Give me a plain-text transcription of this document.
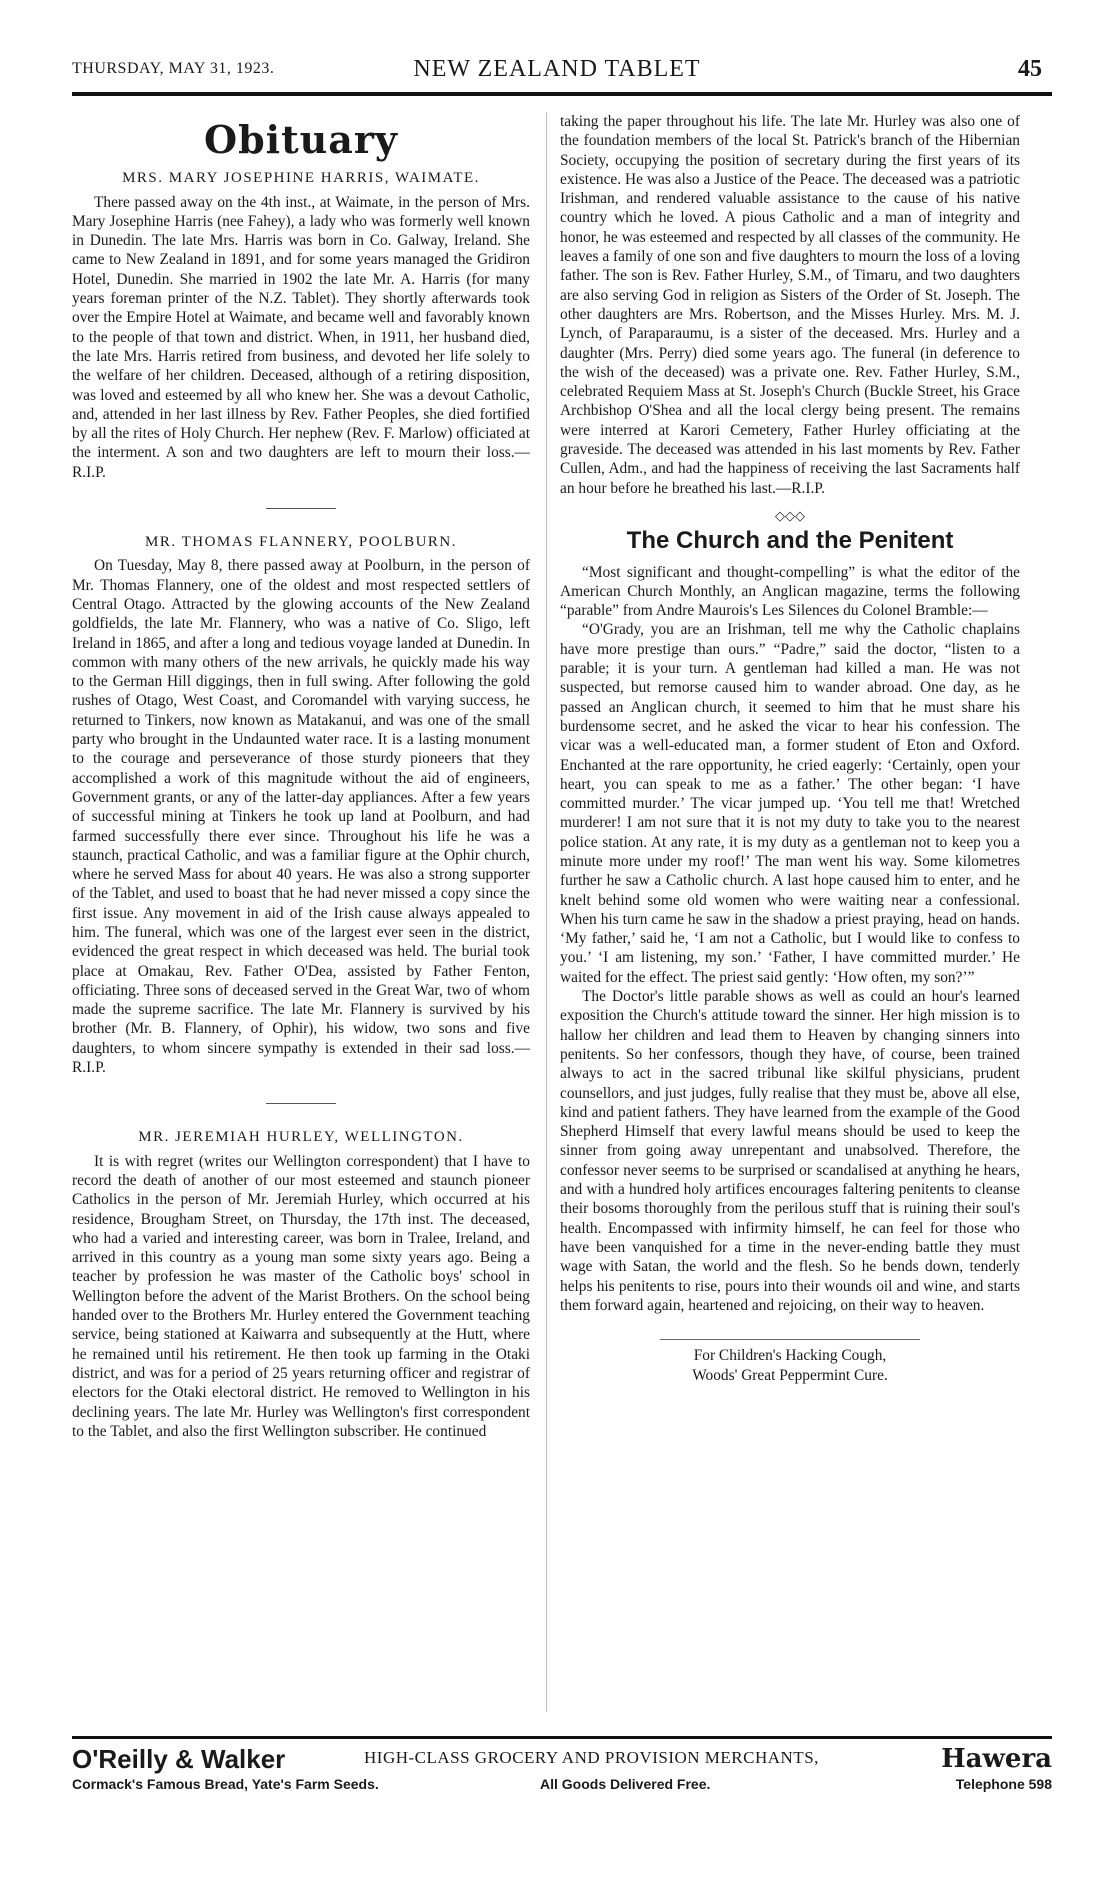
THURSDAY, MAY 31, 1923.	NEW ZEALAND TABLET	45
Obituary
MRS. MARY JOSEPHINE HARRIS, WAIMATE.

There passed away on the 4th inst., at Waimate, in the person of Mrs. Mary Josephine Harris (nee Fahey), a lady who was formerly well known in Dunedin. The late Mrs. Harris was born in Co. Galway, Ireland. She came to New Zealand in 1891, and for some years managed the Gridiron Hotel, Dunedin. She married in 1902 the late Mr. A. Harris (for many years foreman printer of the N.Z. Tablet). They shortly afterwards took over the Empire Hotel at Waimate, and became well and favorably known to the people of that town and district. When, in 1911, her husband died, the late Mrs. Harris retired from business, and devoted her life solely to the welfare of her children. Deceased, although of a retiring disposition, was loved and esteemed by all who knew her. She was a devout Catholic, and, attended in her last illness by Rev. Father Peoples, she died fortified by all the rites of Holy Church. Her nephew (Rev. F. Marlow) officiated at the interment. A son and two daughters are left to mourn their loss.—R.I.P.

MR. THOMAS FLANNERY, POOLBURN.

On Tuesday, May 8, there passed away at Poolburn, in the person of Mr. Thomas Flannery, one of the oldest and most respected settlers of Central Otago. Attracted by the glowing accounts of the New Zealand goldfields, the late Mr. Flannery, who was a native of Co. Sligo, left Ireland in 1865, and after a long and tedious voyage landed at Dunedin. In common with many others of the new arrivals, he quickly made his way to the German Hill diggings, then in full swing. After following the gold rushes of Otago, West Coast, and Coromandel with varying success, he returned to Tinkers, now known as Matakanui, and was one of the small party who brought in the Undaunted water race. It is a lasting monument to the courage and perseverance of those sturdy pioneers that they accomplished a work of this magnitude without the aid of engineers, Government grants, or any of the latter-day appliances. After a few years of successful mining at Tinkers he took up land at Poolburn, and had farmed successfully there ever since. Throughout his life he was a staunch, practical Catholic, and was a familiar figure at the Ophir church, where he served Mass for about 40 years. He was also a strong supporter of the Tablet, and used to boast that he had never missed a copy since the first issue. Any movement in aid of the Irish cause always appealed to him. The funeral, which was one of the largest ever seen in the district, evidenced the great respect in which deceased was held. The burial took place at Omakau, Rev. Father O'Dea, assisted by Father Fenton, officiating. Three sons of deceased served in the Great War, two of whom made the supreme sacrifice. The late Mr. Flannery is survived by his brother (Mr. B. Flannery, of Ophir), his widow, two sons and five daughters, to whom sincere sympathy is extended in their sad loss.—R.I.P.

MR. JEREMIAH HURLEY, WELLINGTON.

It is with regret (writes our Wellington correspondent) that I have to record the death of another of our most esteemed and staunch pioneer Catholics in the person of Mr. Jeremiah Hurley, which occurred at his residence, Brougham Street, on Thursday, the 17th inst. The deceased, who had a varied and interesting career, was born in Tralee, Ireland, and arrived in this country as a young man some sixty years ago. Being a teacher by profession he was master of the Catholic boys' school in Wellington before the advent of the Marist Brothers. On the school being handed over to the Brothers Mr. Hurley entered the Government teaching service, being stationed at Kaiwarra and subsequently at the Hutt, where he remained until his retirement. He then took up farming in the Otaki district, and was for a period of 25 years returning officer and registrar of electors for the Otaki electoral district. He removed to Wellington in his declining years. The late Mr. Hurley was Wellington's first correspondent to the Tablet, and also the first Wellington subscriber. He continued

taking the paper throughout his life. The late Mr. Hurley was also one of the foundation members of the local St. Patrick's branch of the Hibernian Society, occupying the position of secretary during the first years of its existence. He was also a Justice of the Peace. The deceased was a patriotic Irishman, and rendered valuable assistance to the cause of his native country which he loved. A pious Catholic and a man of integrity and honor, he was esteemed and respected by all classes of the community. He leaves a family of one son and five daughters to mourn the loss of a loving father. The son is Rev. Father Hurley, S.M., of Timaru, and two daughters are also serving God in religion as Sisters of the Order of St. Joseph. The other daughters are Mrs. Robertson, and the Misses Hurley. Mrs. M. J. Lynch, of Paraparaumu, is a sister of the deceased. Mrs. Hurley and a daughter (Mrs. Perry) died some years ago. The funeral (in deference to the wish of the deceased) was a private one. Rev. Father Hurley, S.M., celebrated Requiem Mass at St. Joseph's Church (Buckle Street, his Grace Archbishop O'Shea and all the local clergy being present. The remains were interred at Karori Cemetery, Father Hurley officiating at the graveside. The deceased was attended in his last moments by Rev. Father Cullen, Adm., and had the happiness of receiving the last Sacraments half an hour before he breathed his last.—R.I.P.

◇◇◇
The Church and the Penitent

“Most significant and thought-compelling” is what the editor of the American Church Monthly, an Anglican magazine, terms the following “parable” from Andre Maurois's Les Silences du Colonel Bramble:—

“O'Grady, you are an Irishman, tell me why the Catholic chaplains have more prestige than ours.” “Padre,” said the doctor, “listen to a parable; it is your turn. A gentleman had killed a man. He was not suspected, but remorse caused him to wander abroad. One day, as he passed an Anglican church, it seemed to him that he must share his burdensome secret, and he asked the vicar to hear his confession. The vicar was a well-educated man, a former student of Eton and Oxford. Enchanted at the rare opportunity, he cried eagerly: ‘Certainly, open your heart, you can speak to me as a father.’ The other began: ‘I have committed murder.’ The vicar jumped up. ‘You tell me that! Wretched murderer! I am not sure that it is not my duty to take you to the nearest police station. At any rate, it is my duty as a gentleman not to keep you a minute more under my roof!’ The man went his way. Some kilometres further he saw a Catholic church. A last hope caused him to enter, and he knelt behind some old women who were waiting near a confessional. When his turn came he saw in the shadow a priest praying, head on hands. ‘My father,’ said he, ‘I am not a Catholic, but I would like to confess to you.’ ‘I am listening, my son.’ ‘Father, I have committed murder.’ He waited for the effect. The priest said gently: ‘How often, my son?’”

The Doctor's little parable shows as well as could an hour's learned exposition the Church's attitude toward the sinner. Her high mission is to hallow her children and lead them to Heaven by changing sinners into penitents. So her confessors, though they have, of course, been trained always to act in the sacred tribunal like skilful physicians, prudent counsellors, and just judges, fully realise that they must be, above all else, kind and patient fathers. They have learned from the example of the Good Shepherd Himself that every lawful means should be used to keep the sinner from going away unrepentant and unabsolved. Therefore, the confessor never seems to be surprised or scandalised at anything he hears, and with a hundred holy artifices encourages faltering penitents to cleanse their bosoms thoroughly from the perilous stuff that is ruining their soul's health. Encompassed with infirmity himself, he can feel for those who have been vanquished for a time in the never-ending battle they must wage with Satan, the world and the flesh. So he bends down, tenderly helps his penitents to rise, pours into their wounds oil and wine, and starts them forward again, heartened and rejoicing, on their way to heaven.

For Children's Hacking Cough,
Woods' Great Peppermint Cure.
O'Reilly & Walker	HIGH-CLASS GROCERY AND PROVISION MERCHANTS,	Hawera
Cormack's Famous Bread, Yate's Farm Seeds.	All Goods Delivered Free.	Telephone 598
